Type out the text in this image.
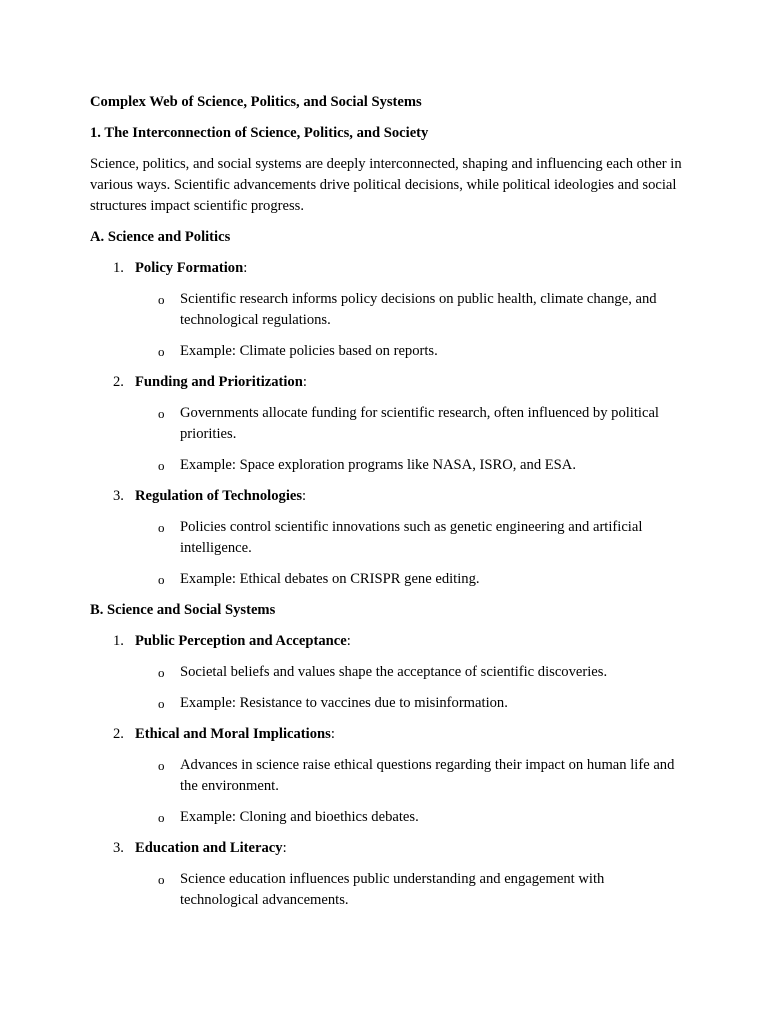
Complex Web of Science, Politics, and Social Systems

1. The Interconnection of Science, Politics, and Society

Science, politics, and social systems are deeply interconnected, shaping and influencing each other in various ways. Scientific advancements drive political decisions, while political ideologies and social structures impact scientific progress.

A. Science and Politics

1. Policy Formation:
o Scientific research informs policy decisions on public health, climate change, and technological regulations.
o Example: Climate policies based on reports.
2. Funding and Prioritization:
o Governments allocate funding for scientific research, often influenced by political priorities.
o Example: Space exploration programs like NASA, ISRO, and ESA.
3. Regulation of Technologies:
o Policies control scientific innovations such as genetic engineering and artificial intelligence.
o Example: Ethical debates on CRISPR gene editing.

B. Science and Social Systems

1. Public Perception and Acceptance:
o Societal beliefs and values shape the acceptance of scientific discoveries.
o Example: Resistance to vaccines due to misinformation.
2. Ethical and Moral Implications:
o Advances in science raise ethical questions regarding their impact on human life and the environment.
o Example: Cloning and bioethics debates.
3. Education and Literacy:
o Science education influences public understanding and engagement with technological advancements.
